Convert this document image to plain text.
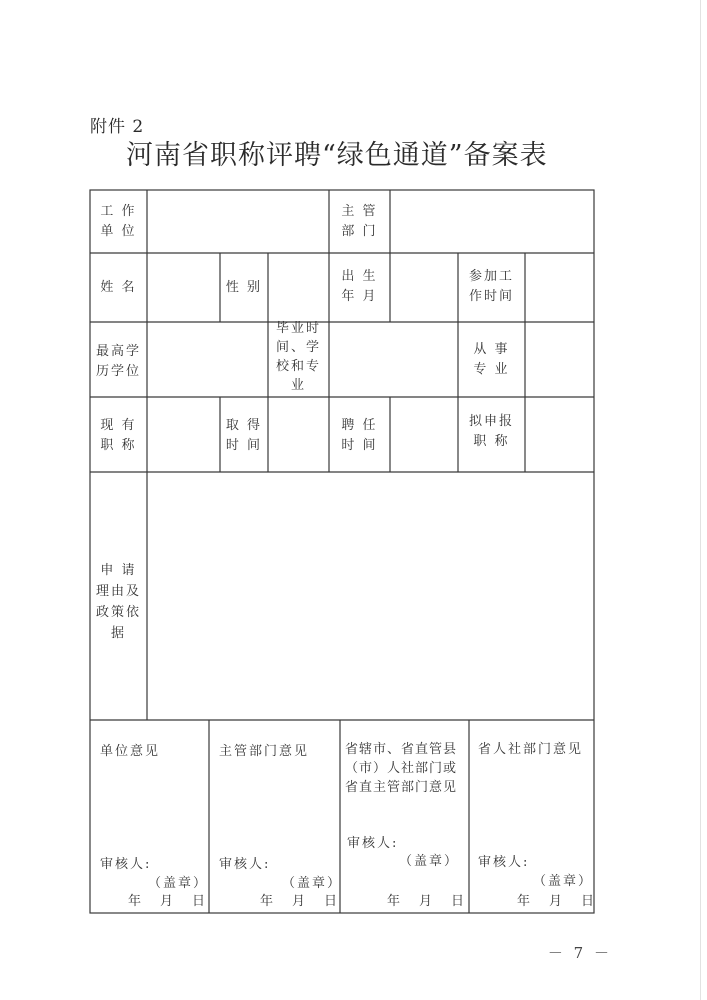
附件 2
河南省职称评聘“绿色通道”备案表
工 作
单 位
主 管
部 门
姓 名	性 别
出 生
年 月
参加工
作时间
最高学
历学位
毕业时
间、学
校和专
业
从 事
专 业
现 有
职 称
取 得
时 间
聘 任
时 间
拟申报
职 称
申 请
理由及
政策依
据
单位意见
审核人:
（盖章）
年　月　日
主管部门意见
审核人:
（盖章）
年　月　日
省辖市、省直管县
（市）人社部门或
省直主管部门意见
审核人:
（盖章）
年　月　日
省人社部门意见
审核人:
（盖章）
年　月　日
－ 7 －
